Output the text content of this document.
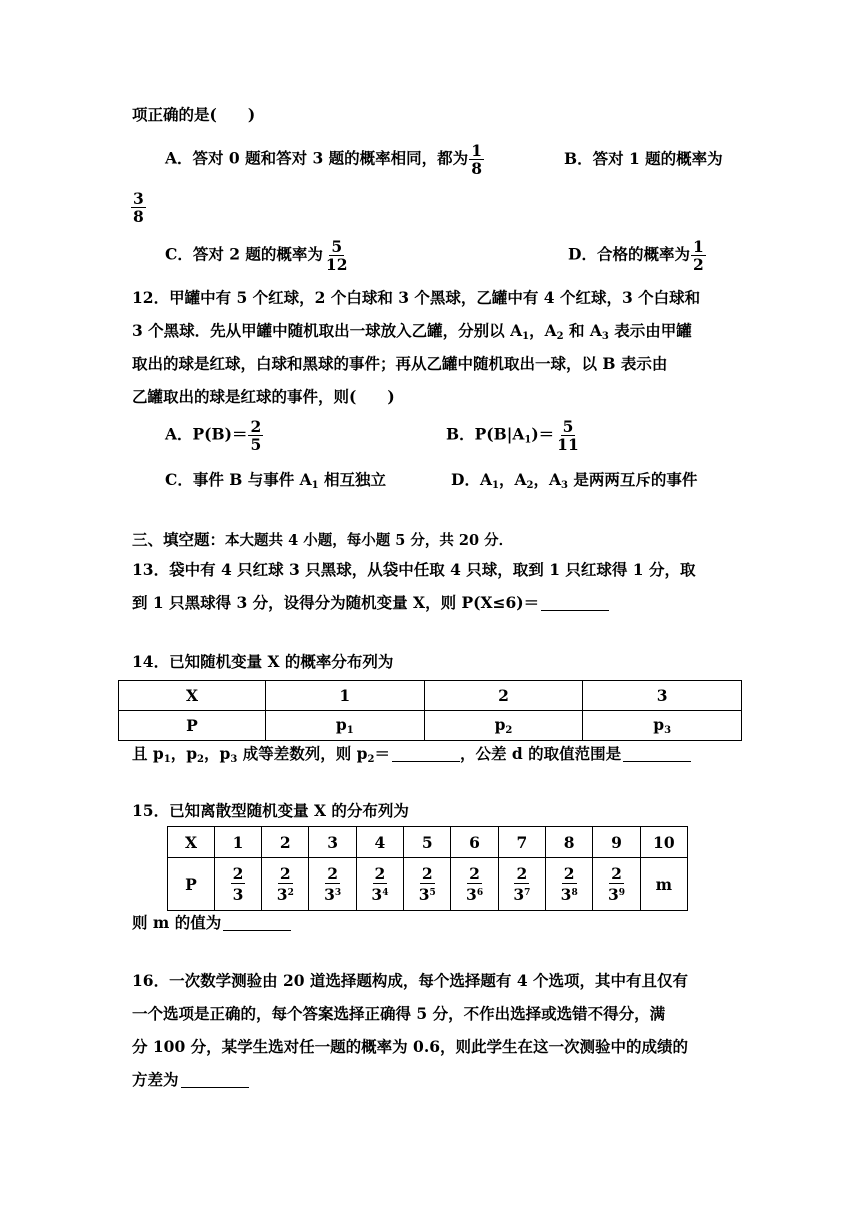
项正确的是(　　)
A．答对 0 题和答对 3 题的概率相同，都为 $\frac{1}{8}$	B．答对 1 题的概率为
$\frac{3}{8}$
C．答对 2 题的概率为 $\frac{5}{12}$	D．合格的概率为 $\frac{1}{2}$
12．甲罐中有 5 个红球，2 个白球和 3 个黑球，乙罐中有 4 个红球，3 个白球和
3 个黑球．先从甲罐中随机取出一球放入乙罐，分别以 $A_1$，$A_2$ 和 $A_3$ 表示由甲罐
取出的球是红球，白球和黑球的事件；再从乙罐中随机取出一球，以 B 表示由
乙罐取出的球是红球的事件，则(　　)
A．$P(B)= \frac{2}{5}$	B．$P(B|A_1)= \frac{5}{11}$
C．事件 B 与事件 $A_1$ 相互独立	D．$A_1$，$A_2$，$A_3$ 是两两互斥的事件
三、填空题：本大题共 4 小题，每小题 5 分，共 20 分．
13．袋中有 4 只红球 3 只黑球，从袋中任取 4 只球，取到 1 只红球得 1 分，取
到 1 只黑球得 3 分，设得分为随机变量 X，则 P(X≤6)＝
14．已知随机变量 X 的概率分布列为
X	1	2	3
P	$p_1$	$p_2$	$p_3$
且 $p_1$，$p_2$，$p_3$ 成等差数列，则 $p_2=$	，公差 d 的取值范围是
15．已知离散型随机变量 X 的分布列为
X	1	2	3	4	5	6	7	8	9	10
P	$\frac{2}{3}$	$\frac{2}{3^2}$	$\frac{2}{3^3}$	$\frac{2}{3^4}$	$\frac{2}{3^5}$	$\frac{2}{3^6}$	$\frac{2}{3^7}$	$\frac{2}{3^8}$	$\frac{2}{3^9}$	m
则 m 的值为
16．一次数学测验由 20 道选择题构成，每个选择题有 4 个选项，其中有且仅有
一个选项是正确的，每个答案选择正确得 5 分，不作出选择或选错不得分，满
分 100 分，某学生选对任一题的概率为 0.6，则此学生在这一次测验中的成绩的
方差为
